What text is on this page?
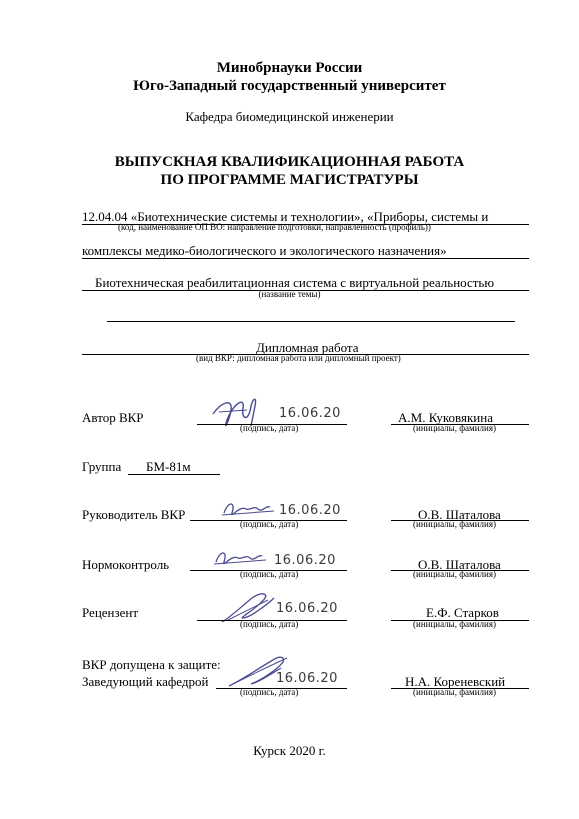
Минобрнауки России
Юго-Западный государственный университет
Кафедра биомедицинской инженерии
ВЫПУСКНАЯ КВАЛИФИКАЦИОННАЯ РАБОТА
ПО ПРОГРАММЕ МАГИСТРАТУРЫ
12.04.04 «Биотехнические системы и технологии», «Приборы, системы и
(код, наименование ОП ВО: направление подготовки, направленность (профиль))
комплексы медико-биологического и экологического назначения»
Биотехническая реабилитационная система с виртуальной реальностью
(название темы)
Дипломная работа
(вид ВКР: дипломная работа или дипломный проект)
Автор ВКР	16.06.20
(подпись, дата)
А.М. Куковякина
(инициалы, фамилия)
Группа БМ-81м
Руководитель ВКР	16.06.20
(подпись, дата)
О.В. Шаталова
(инициалы, фамилия)
Нормоконтроль	16.06.20
(подпись, дата)
О.В. Шаталова
(инициалы, фамилия)
Рецензент	16.06.20
(подпись, дата)
Е.Ф. Старков
(инициалы, фамилия)
ВКР допущена к защите:
Заведующий кафедрой	16.06.20
(подпись, дата)
Н.А. Кореневский
(инициалы, фамилия)
Курск 2020 г.
